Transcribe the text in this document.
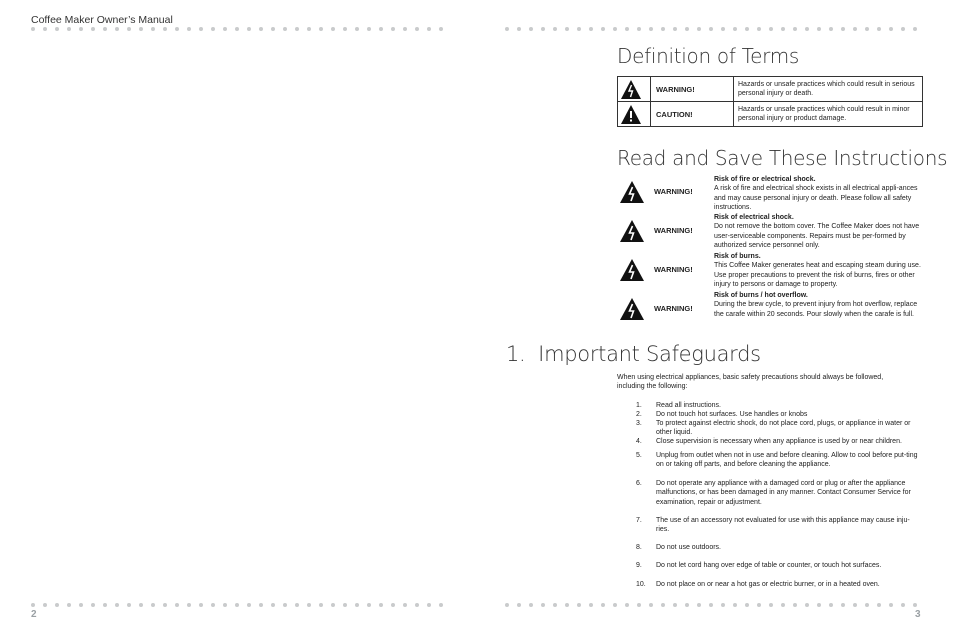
Coffee Maker Owner’s Manual
Definition of Terms
	WARNING!	Hazards or unsafe practices which could result in serious personal injury or death.

	CAUTION!	Hazards or unsafe practices which could result in minor personal injury or product damage.
Read and Save These Instructions
WARNING!
Risk of fire or electrical shock.
A risk of fire and electrical shock exists in all electrical appli-ances and may cause personal injury or death. Please follow all safety instructions.
WARNING!
Risk of electrical shock.
Do not remove the bottom cover. The Coffee Maker does not have user-serviceable components. Repairs must be per-formed by authorized service personnel only.
WARNING!
Risk of burns.
This Coffee Maker generates heat and escaping steam during use. Use proper precautions to prevent the risk of burns, fires or other injury to persons or damage to property.
WARNING!
Risk of burns / hot overflow.
During the brew cycle, to prevent injury from hot overflow, replace the carafe within 20 seconds. Pour slowly when the carafe is full.
1.  Important Safeguards
When using electrical appliances, basic safety precautions should always be followed, including the following:
1. Read all instructions.
2. Do not touch hot surfaces. Use handles or knobs
3. To protect against electric shock, do not place cord, plugs, or appliance in water or other liquid.
4. Close supervision is necessary when any appliance is used by or near children.
5. Unplug from outlet when not in use and before cleaning. Allow to cool before put-ting on or taking off parts, and before cleaning the appliance.
6. Do not operate any appliance with a damaged cord or plug or after the appliance malfunctions, or has been damaged in any manner. Contact Consumer Service for examination, repair or adjustment.
7. The use of an accessory not evaluated for use with this appliance may cause inju-ries.
8. Do not use outdoors.
9. Do not let cord hang over edge of table or counter, or touch hot surfaces.
10. Do not place on or near a hot gas or electric burner, or in a heated oven.
2	3
